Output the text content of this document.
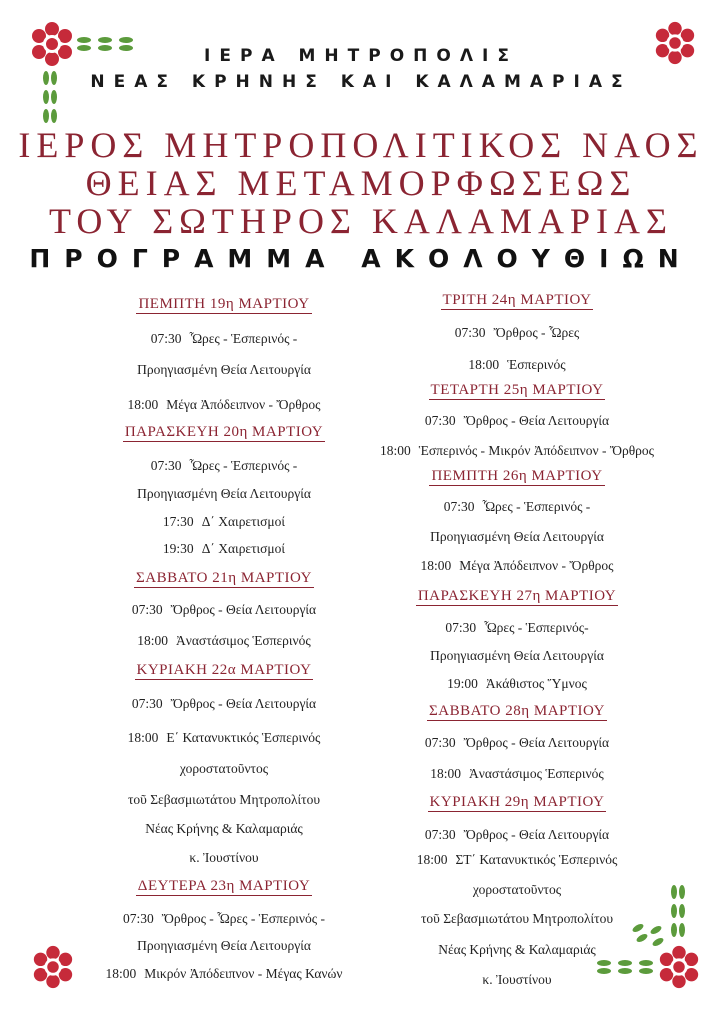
ΙΕΡΑ ΜΗΤΡΟΠΟΛΙΣ
ΝΕΑΣ ΚΡΗΝΗΣ ΚΑΙ ΚΑΛΑΜΑΡΙΑΣ
ΙΕΡΟΣ ΜΗΤΡΟΠΟΛΙΤΙΚΟΣ ΝΑΟΣ
ΘΕΙΑΣ ΜΕΤΑΜΟΡΦΩΣΕΩΣ
ΤΟΥ ΣΩΤΗΡΟΣ ΚΑΛΑΜΑΡΙΑΣ
ΠΡΟΓΡΑΜΜΑ ΑΚΟΛΟΥΘΙΩΝ
ΠΕΜΠΤΗ 19η ΜΑΡΤΙΟΥ
07:30 Ὧρες - Ἑσπερινός -
Προηγιασμένη Θεία Λειτουργία
18:00 Μέγα Ἀπόδειπνον - Ὄρθρος
ΠΑΡΑΣΚΕΥΗ 20η ΜΑΡΤΙΟΥ
07:30 Ὧρες - Ἑσπερινός -
Προηγιασμένη Θεία Λειτουργία
17:30 Δ΄ Χαιρετισμοί
19:30 Δ΄ Χαιρετισμοί
ΣΑΒΒΑΤΟ 21η ΜΑΡΤΙΟΥ
07:30 Ὄρθρος - Θεία Λειτουργία
18:00 Ἀναστάσιμος Ἑσπερινός
ΚΥΡΙΑΚΗ 22α ΜΑΡΤΙΟΥ
07:30 Ὄρθρος - Θεία Λειτουργία
18:00 Ε΄ Κατανυκτικός Ἑσπερινός
χοροστατοῦντος
τοῦ Σεβασμιωτάτου Μητροπολίτου
Νέας Κρήνης & Καλαμαριάς
κ. Ἰουστίνου
ΔΕΥΤΕΡΑ 23η ΜΑΡΤΙΟΥ
07:30 Ὄρθρος - Ὧρες - Ἑσπερινός -
Προηγιασμένη Θεία Λειτουργία
18:00 Μικρόν Ἀπόδειπνον - Μέγας Κανών
ΤΡΙΤΗ 24η ΜΑΡΤΙΟΥ
07:30 Ὄρθρος - Ὧρες
18:00 Ἑσπερινός
ΤΕΤΑΡΤΗ 25η ΜΑΡΤΙΟΥ
07:30 Ὄρθρος - Θεία Λειτουργία
18:00 Ἑσπερινός - Μικρόν Ἀπόδειπνον - Ὄρθρος
ΠΕΜΠΤΗ 26η ΜΑΡΤΙΟΥ
07:30 Ὧρες - Ἑσπερινός -
Προηγιασμένη Θεία Λειτουργία
18:00 Μέγα Ἀπόδειπνον - Ὄρθρος
ΠΑΡΑΣΚΕΥΗ 27η ΜΑΡΤΙΟΥ
07:30 Ὧρες - Ἑσπερινός-
Προηγιασμένη Θεία Λειτουργία
19:00 Ἀκάθιστος Ὕμνος
ΣΑΒΒΑΤΟ 28η ΜΑΡΤΙΟΥ
07:30 Ὄρθρος - Θεία Λειτουργία
18:00 Ἀναστάσιμος Ἑσπερινός
ΚΥΡΙΑΚΗ 29η ΜΑΡΤΙΟΥ
07:30 Ὄρθρος - Θεία Λειτουργία
18:00 ΣΤ΄ Κατανυκτικός Ἑσπερινός
χοροστατοῦντος
τοῦ Σεβασμιωτάτου Μητροπολίτου
Νέας Κρήνης & Καλαμαριάς
κ. Ἰουστίνου
